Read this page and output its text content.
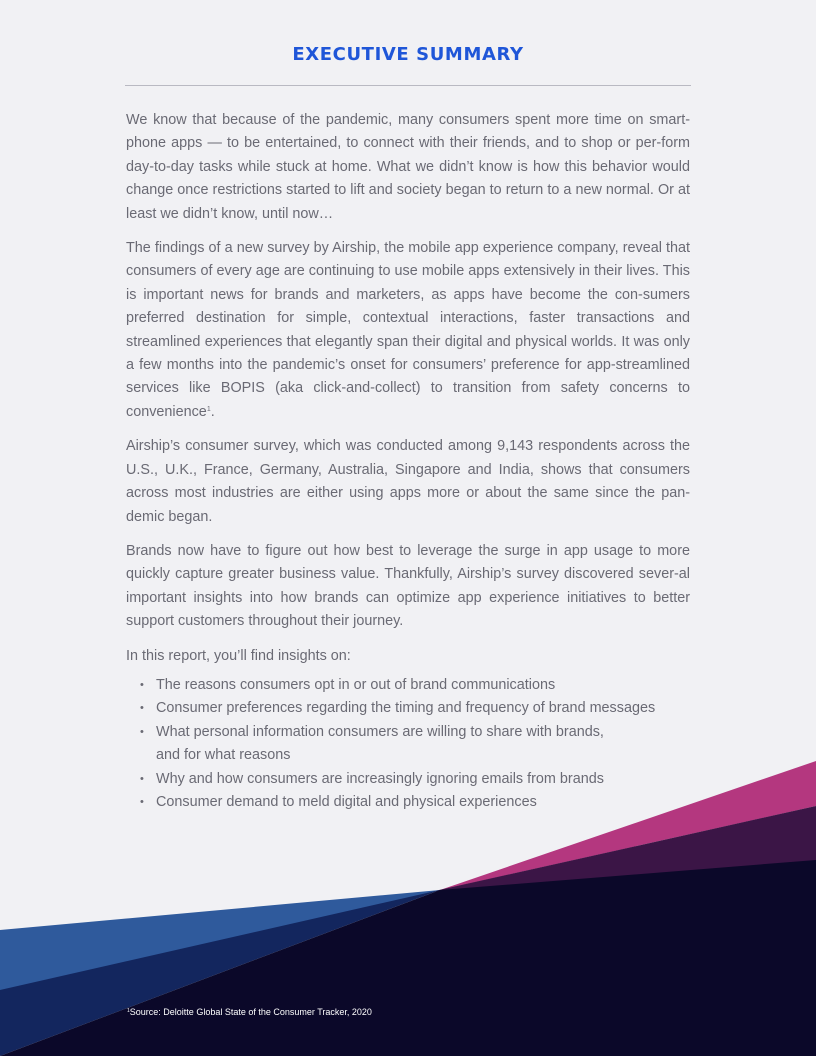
EXECUTIVE SUMMARY

We know that because of the pandemic, many consumers spent more time on smart-phone apps — to be entertained, to connect with their friends, and to shop or per-form day-to-day tasks while stuck at home. What we didn’t know is how this behavior would change once restrictions started to lift and society began to return to a new normal. Or at least we didn’t know, until now…

The findings of a new survey by Airship, the mobile app experience company, reveal that consumers of every age are continuing to use mobile apps extensively in their lives. This is important news for brands and marketers, as apps have become the con-sumers preferred destination for simple, contextual interactions, faster transactions and streamlined experiences that elegantly span their digital and physical worlds. It was only a few months into the pandemic’s onset for consumers’ preference for app-streamlined services like BOPIS (aka click-and-collect) to transition from safety concerns to convenience$^1$.

Airship’s consumer survey, which was conducted among 9,143 respondents across the U.S., U.K., France, Germany, Australia, Singapore and India, shows that consumers across most industries are either using apps more or about the same since the pan-demic began.

Brands now have to figure out how best to leverage the surge in app usage to more quickly capture greater business value. Thankfully, Airship’s survey discovered sever-al important insights into how brands can optimize app experience initiatives to better support customers throughout their journey.

In this report, you’ll find insights on:

• The reasons consumers opt in or out of brand communications
• Consumer preferences regarding the timing and frequency of brand messages
• What personal information consumers are willing to share with brands, and for what reasons
• Why and how consumers are increasingly ignoring emails from brands
• Consumer demand to meld digital and physical experiences
$^1$Source: Deloitte Global State of the Consumer Tracker, 2020
